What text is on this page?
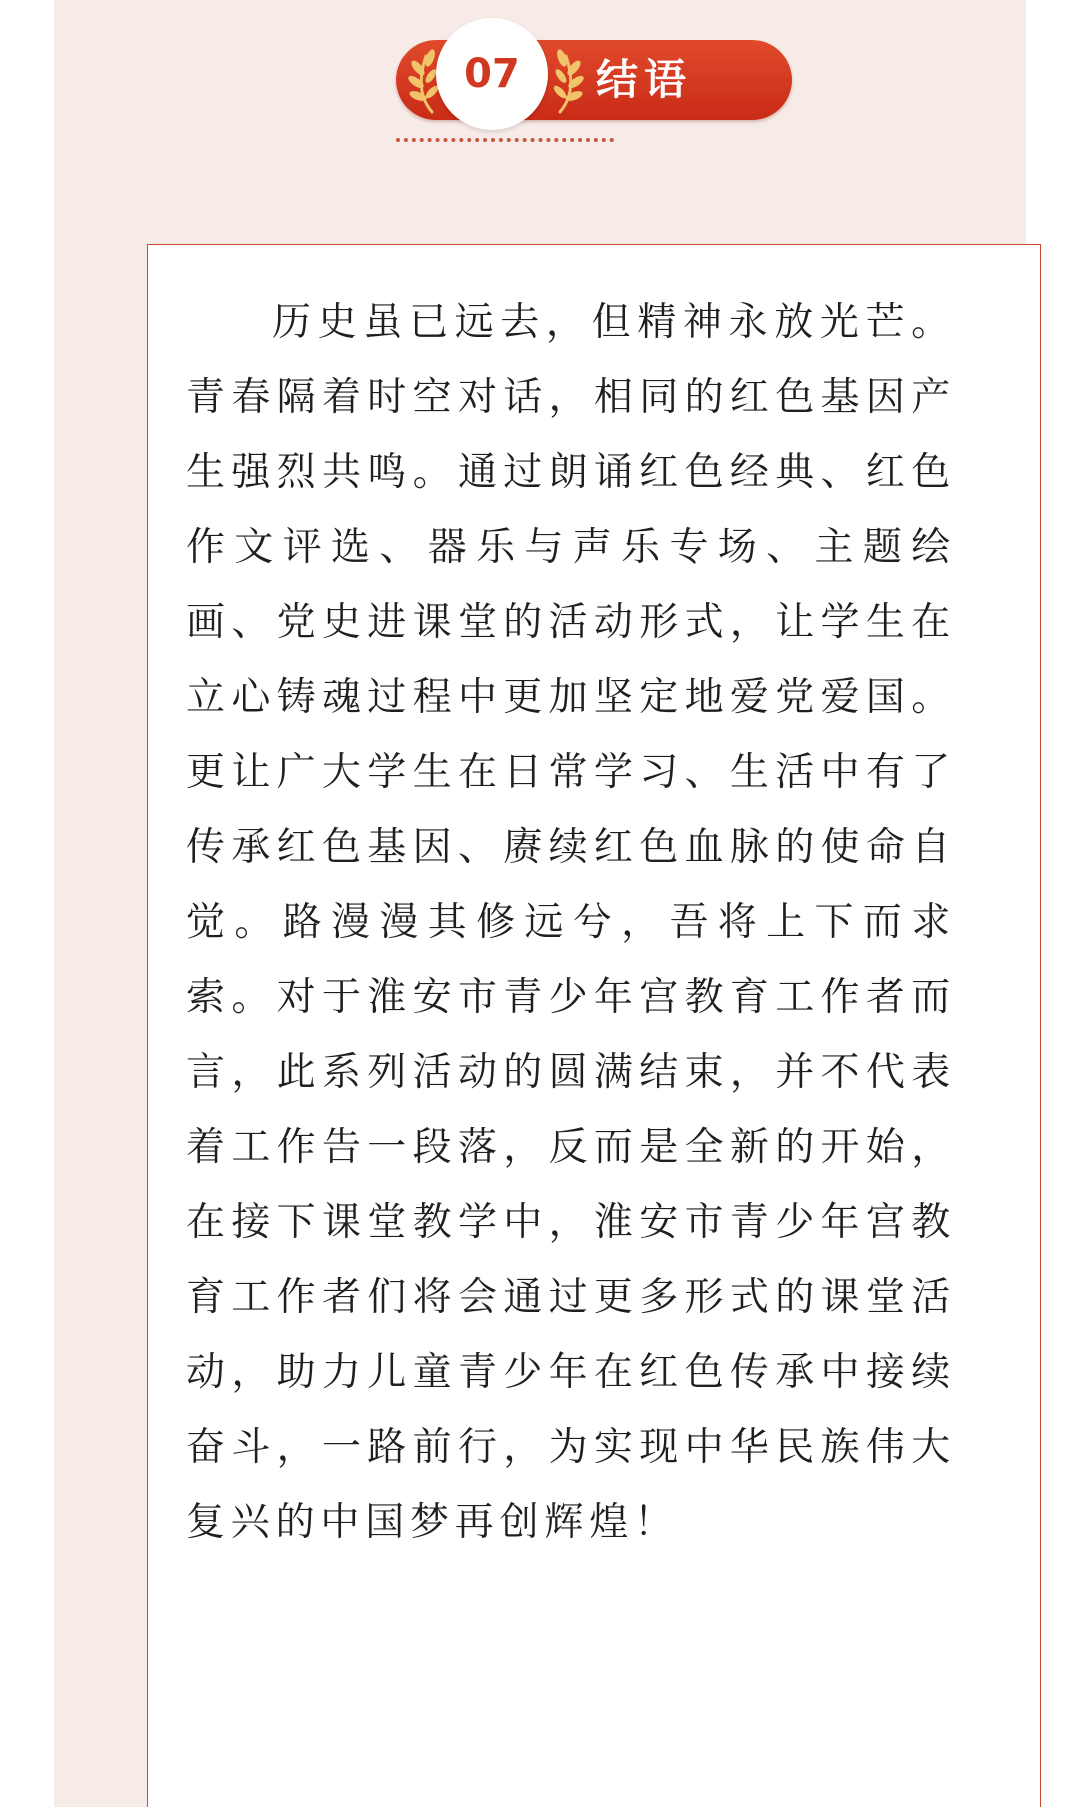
07	结语

历史虽已远去，但精神永放光芒。青春隔着时空对话，相同的红色基因产生强烈共鸣。通过朗诵红色经典、红色作文评选、器乐与声乐专场、主题绘画、党史进课堂的活动形式，让学生在立心铸魂过程中更加坚定地爱党爱国。更让广大学生在日常学习、生活中有了传承红色基因、赓续红色血脉的使命自觉。路漫漫其修远兮，吾将上下而求索。对于淮安市青少年宫教育工作者而言，此系列活动的圆满结束，并不代表着工作告一段落，反而是全新的开始，在接下课堂教学中，淮安市青少年宫教育工作者们将会通过更多形式的课堂活动，助力儿童青少年在红色传承中接续奋斗，一路前行，为实现中华民族伟大复兴的中国梦再创辉煌！
